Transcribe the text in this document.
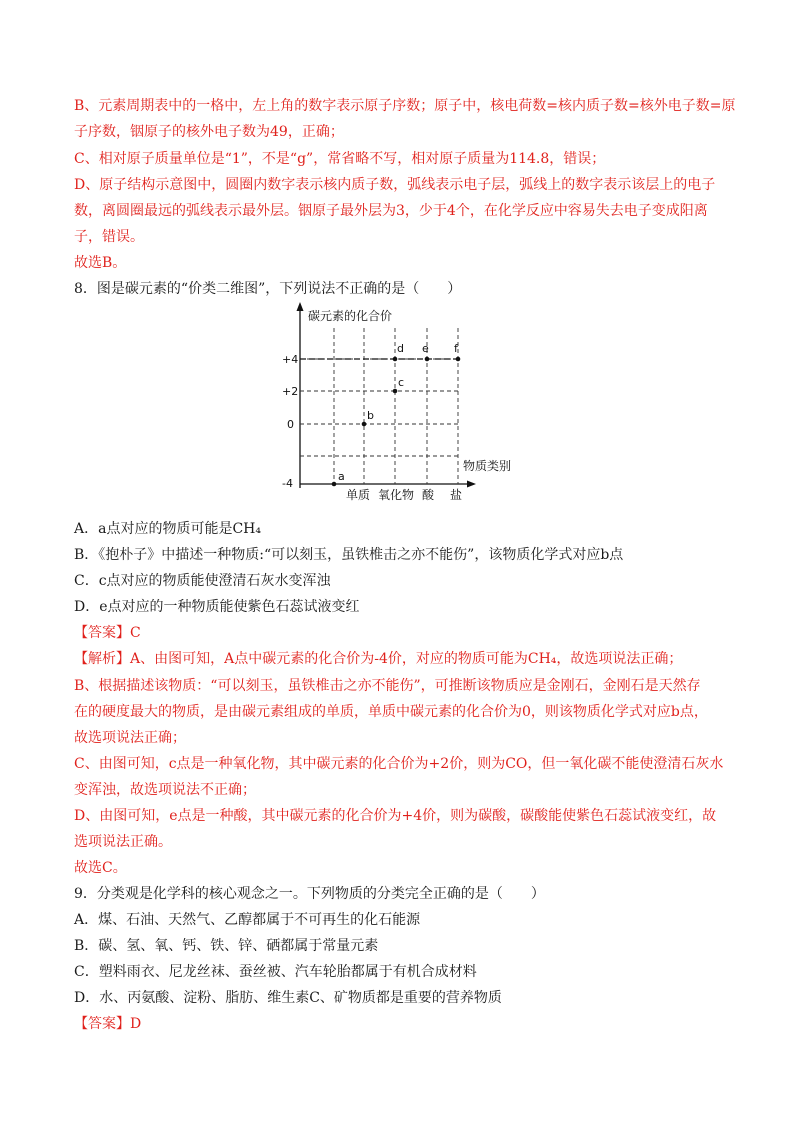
B、元素周期表中的一格中，左上角的数字表示原子序数；原子中，核电荷数=核内质子数=核外电子数=原
子序数，铟原子的核外电子数为49，正确；
C、相对原子质量单位是“1”，不是“g”，常省略不写，相对原子质量为114.8，错误；
D、原子结构示意图中，圆圈内数字表示核内质子数，弧线表示电子层，弧线上的数字表示该层上的电子
数，离圆圈最远的弧线表示最外层。铟原子最外层为3，少于4个，在化学反应中容易失去电子变成阳离
子，错误。
故选B。
8．图是碳元素的“价类二维图”，下列说法不正确的是（　　）
碳元素的化合价
物质类别
+4
+2
0
-4
单质 氧化物 酸 盐
a
b
c
d e f
A．a点对应的物质可能是CH₄
B．《抱朴子》中描述一种物质:“可以刻玉，虽铁椎击之亦不能伤”，该物质化学式对应b点
C．c点对应的物质能使澄清石灰水变浑浊
D．e点对应的一种物质能使紫色石蕊试液变红
【答案】C
【解析】A、由图可知，A点中碳元素的化合价为-4价，对应的物质可能为CH₄，故选项说法正确；
B、根据描述该物质：“可以刻玉，虽铁椎击之亦不能伤”，可推断该物质应是金刚石，金刚石是天然存
在的硬度最大的物质，是由碳元素组成的单质，单质中碳元素的化合价为0，则该物质化学式对应b点，
故选项说法正确；
C、由图可知，c点是一种氧化物，其中碳元素的化合价为+2价，则为CO，但一氧化碳不能使澄清石灰水
变浑浊，故选项说法不正确；
D、由图可知，e点是一种酸，其中碳元素的化合价为+4价，则为碳酸，碳酸能使紫色石蕊试液变红，故
选项说法正确。
故选C。
9．分类观是化学科的核心观念之一。下列物质的分类完全正确的是（　　）
A．煤、石油、天然气、乙醇都属于不可再生的化石能源
B．碳、氢、氧、钙、铁、锌、硒都属于常量元素
C．塑料雨衣、尼龙丝袜、蚕丝被、汽车轮胎都属于有机合成材料
D．水、丙氨酸、淀粉、脂肪、维生素C、矿物质都是重要的营养物质
【答案】D
